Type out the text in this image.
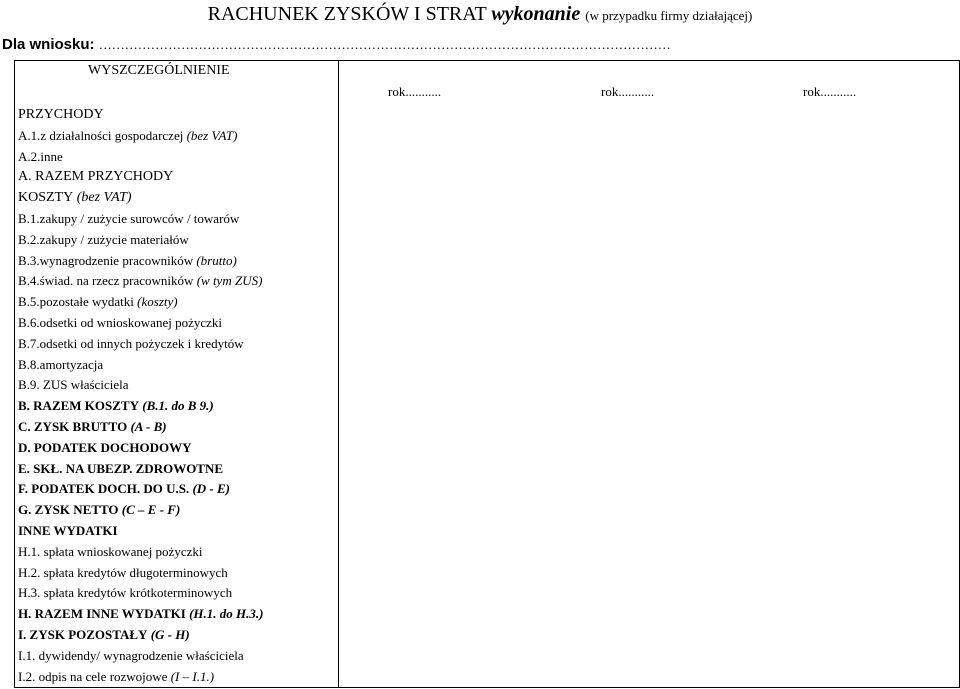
RACHUNEK ZYSKÓW I STRAT wykonanie (w przypadku firmy działającej)
Dla wniosku: ……………………………………………………………………………………………………………………
WYSZCZEGÓLNIENIE
rok...........	rok...........	rok...........
PRZYCHODY
A.1.z działalności gospodarczej (bez VAT)
A.2.inne
A. RAZEM PRZYCHODY
KOSZTY (bez VAT)
B.1.zakupy / zużycie surowców / towarów
B.2.zakupy / zużycie materiałów
B.3.wynagrodzenie pracowników (brutto)
B.4.świad. na rzecz pracowników (w tym ZUS)
B.5.pozostałe wydatki (koszty)
B.6.odsetki od wnioskowanej pożyczki
B.7.odsetki od innych pożyczek i kredytów
B.8.amortyzacja
B.9. ZUS właściciela
B. RAZEM KOSZTY (B.1. do B 9.)
C. ZYSK BRUTTO (A - B)
D. PODATEK DOCHODOWY
E. SKŁ. NA UBEZP. ZDROWOTNE
F. PODATEK DOCH. DO U.S. (D - E)
G. ZYSK NETTO (C – E - F)
INNE WYDATKI
H.1. spłata wnioskowanej pożyczki
H.2. spłata kredytów długoterminowych
H.3. spłata kredytów krótkoterminowych
H. RAZEM INNE WYDATKI (H.1. do H.3.)
I. ZYSK POZOSTAŁY (G - H)
I.1. dywidendy/ wynagrodzenie właściciela
I.2. odpis na cele rozwojowe (I – I.1.)
